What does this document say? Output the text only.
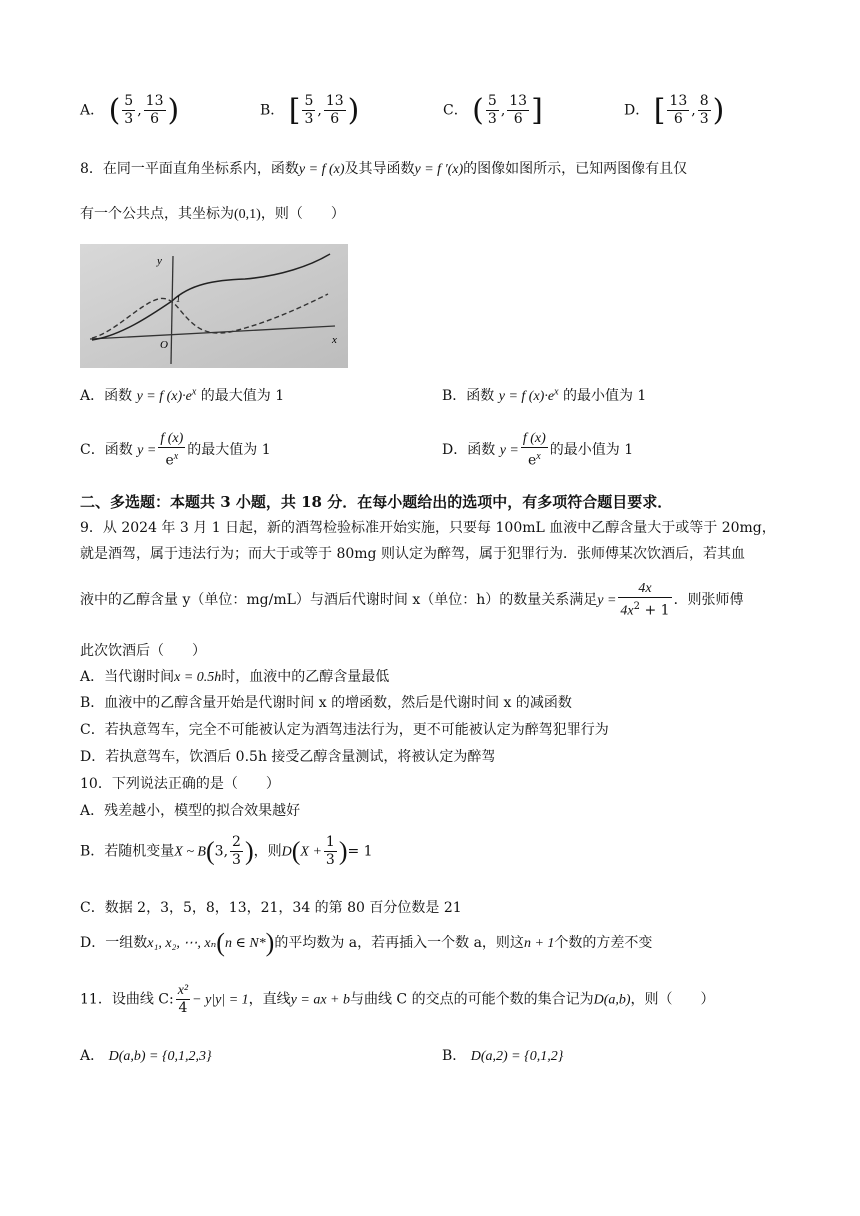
A． ( $\frac{5}{3}$ , $\frac{13}{6}$ )	B． [ $\frac{5}{3}$ , $\frac{13}{6}$ )	C． ( $\frac{5}{3}$ , $\frac{13}{6}$ ]	D． [ $\frac{13}{6}$ , $\frac{8}{3}$ )
8．在同一平面直角坐标系内，函数y = f (x)及其导函数y = f ′(x)的图像如图所示，已知两图像有且仅
有一个公共点，其坐标为(0,1)，则（　　）
y
x
O
1
A．函数 y = f $(x)\cdot e^x$ 的最大值为 1	B．函数 y = f $(x)\cdot e^x$ 的最小值为 1
C．函数 $y = \frac{f (x)}{e^x}$ 的最大值为 1	D．函数 $y = \frac{f (x)}{e^x}$ 的最小值为 1
二、多选题：本题共 3 小题，共 18 分．在每小题给出的选项中，有多项符合题目要求．
9．从 2024 年 3 月 1 日起，新的酒驾检验标准开始实施，只要每 100mL 血液中乙醇含量大于或等于 20mg，
就是酒驾，属于违法行为；而大于或等于 80mg 则认定为醉驾，属于犯罪行为．张师傅某次饮酒后，若其血
液中的乙醇含量 y（单位：mg/mL）与酒后代谢时间 x（单位：h）的数量关系满足$y = \frac{4x}{4x^2 + 1}$ ．则张师傅
此次饮酒后（　　）
A．当代谢时间x = 0.5h时，血液中的乙醇含量最低
B．血液中的乙醇含量开始是代谢时间 x 的增函数，然后是代谢时间 x 的减函数
C．若执意驾车，完全不可能被认定为酒驾违法行为，更不可能被认定为醉驾犯罪行为
D．若执意驾车，饮酒后 0.5h 接受乙醇含量测试，将被认定为醉驾
10．下列说法正确的是（　　）
A．残差越小，模型的拟合效果越好
B．若随机变量X ~ B(3, $\frac{2}{3}$ )，则$D(X + \frac{1}{3}$ )= 1
C．数据 2，3，5，8，13，21，34 的第 80 百分位数是 21
D．一组数x₁, x₂, ⋯, xₙ(n ∈ N*)的平均数为 a，若再插入一个数 a，则这n + 1个数的方差不变
11．设曲线 C: $\frac{\text{x²}}{4} - y|y| = 1$，直线y = ax + b与曲线 C 的交点的可能个数的集合记为D(a,b)，则（　　）
A． D(a,b) = {0,1,2,3}	B． D(a,2) = {0,1,2}
